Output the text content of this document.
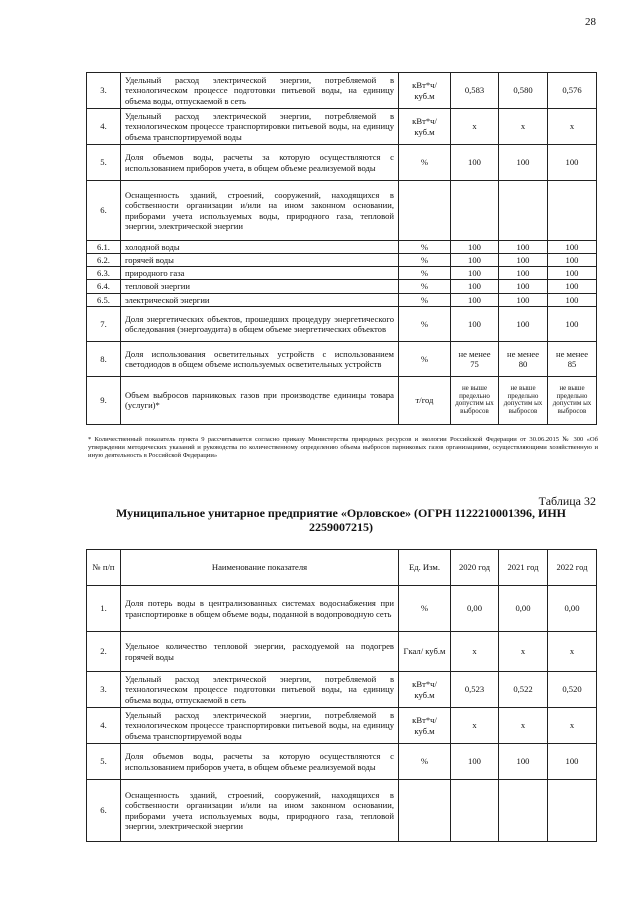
28
3.	Удельный расход электрической энергии, потребляемой в технологическом процессе подготовки питьевой воды, на единицу объема воды, отпускаемой в сеть	кВт*ч/ куб.м	0,583	0,580	0,576
4.	Удельный расход электрической энергии, потребляемой в технологическом процессе транспортировки питьевой воды, на единицу объема транспортируемой воды	кВт*ч/ куб.м	х	х	х
5.	Доля объемов воды, расчеты за которую осуществляются с использованием приборов учета, в общем объеме реализуемой воды	%	100	100	100
6.	Оснащенность зданий, строений, сооружений, находящихся в собственности организации и/или на ином законном основании, приборами учета используемых воды, природного газа, тепловой энергии, электрической энергии				
6.1.	холодной воды	%	100	100	100
6.2.	горячей воды	%	100	100	100
6.3.	природного газа	%	100	100	100
6.4.	тепловой энергии	%	100	100	100
6.5.	электрической энергии	%	100	100	100
7.	Доля энергетических объектов, прошедших процедуру энергетического обследования (энергоаудита) в общем объеме энергетических объектов	%	100	100	100
8.	Доля использования осветительных устройств с использованием светодиодов в общем объеме используемых осветительных устройств	%	не менее 75	не менее 80	не менее 85
9.	Объем выбросов парниковых газов при производстве единицы товара (услуги)*	т/год	не выше предельно допустим ых выбросов	не выше предельно допустим ых выбросов	не выше предельно допустим ых выбросов
* Количественный показатель пункта 9 рассчитывается согласно приказу Министерства природных ресурсов и экологии Российской Федерации от 30.06.2015 № 300 «Об утверждении методических указаний и руководства по количественному определению объема выбросов парниковых газов организациями, осуществляющими хозяйственную и иную деятельность в Российской Федерации»
Таблица 32
Муниципальное унитарное предприятие «Орловское» (ОГРН 1122210001396, ИНН 2259007215)
№ п/п	Наименование показателя	Ед. Изм.	2020 год	2021 год	2022 год
1.	Доля потерь воды в централизованных системах водоснабжения при транспортировке в общем объеме воды, поданной в водопроводную сеть	%	0,00	0,00	0,00
2.	Удельное количество тепловой энергии, расходуемой на подогрев горячей воды	Гкал/ куб.м	х	х	х
3.	Удельный расход электрической энергии, потребляемой в технологическом процессе подготовки питьевой воды, на единицу объема воды, отпускаемой в сеть	кВт*ч/ куб.м	0,523	0,522	0,520
4.	Удельный расход электрической энергии, потребляемой в технологическом процессе транспортировки питьевой воды, на единицу объема транспортируемой воды	кВт*ч/ куб.м	х	х	х
5.	Доля объемов воды, расчеты за которую осуществляются с использованием приборов учета, в общем объеме реализуемой воды	%	100	100	100
6.	Оснащенность зданий, строений, сооружений, находящихся в собственности организации и/или на ином законном основании, приборами учета используемых воды, природного газа, тепловой энергии, электрической энергии				
